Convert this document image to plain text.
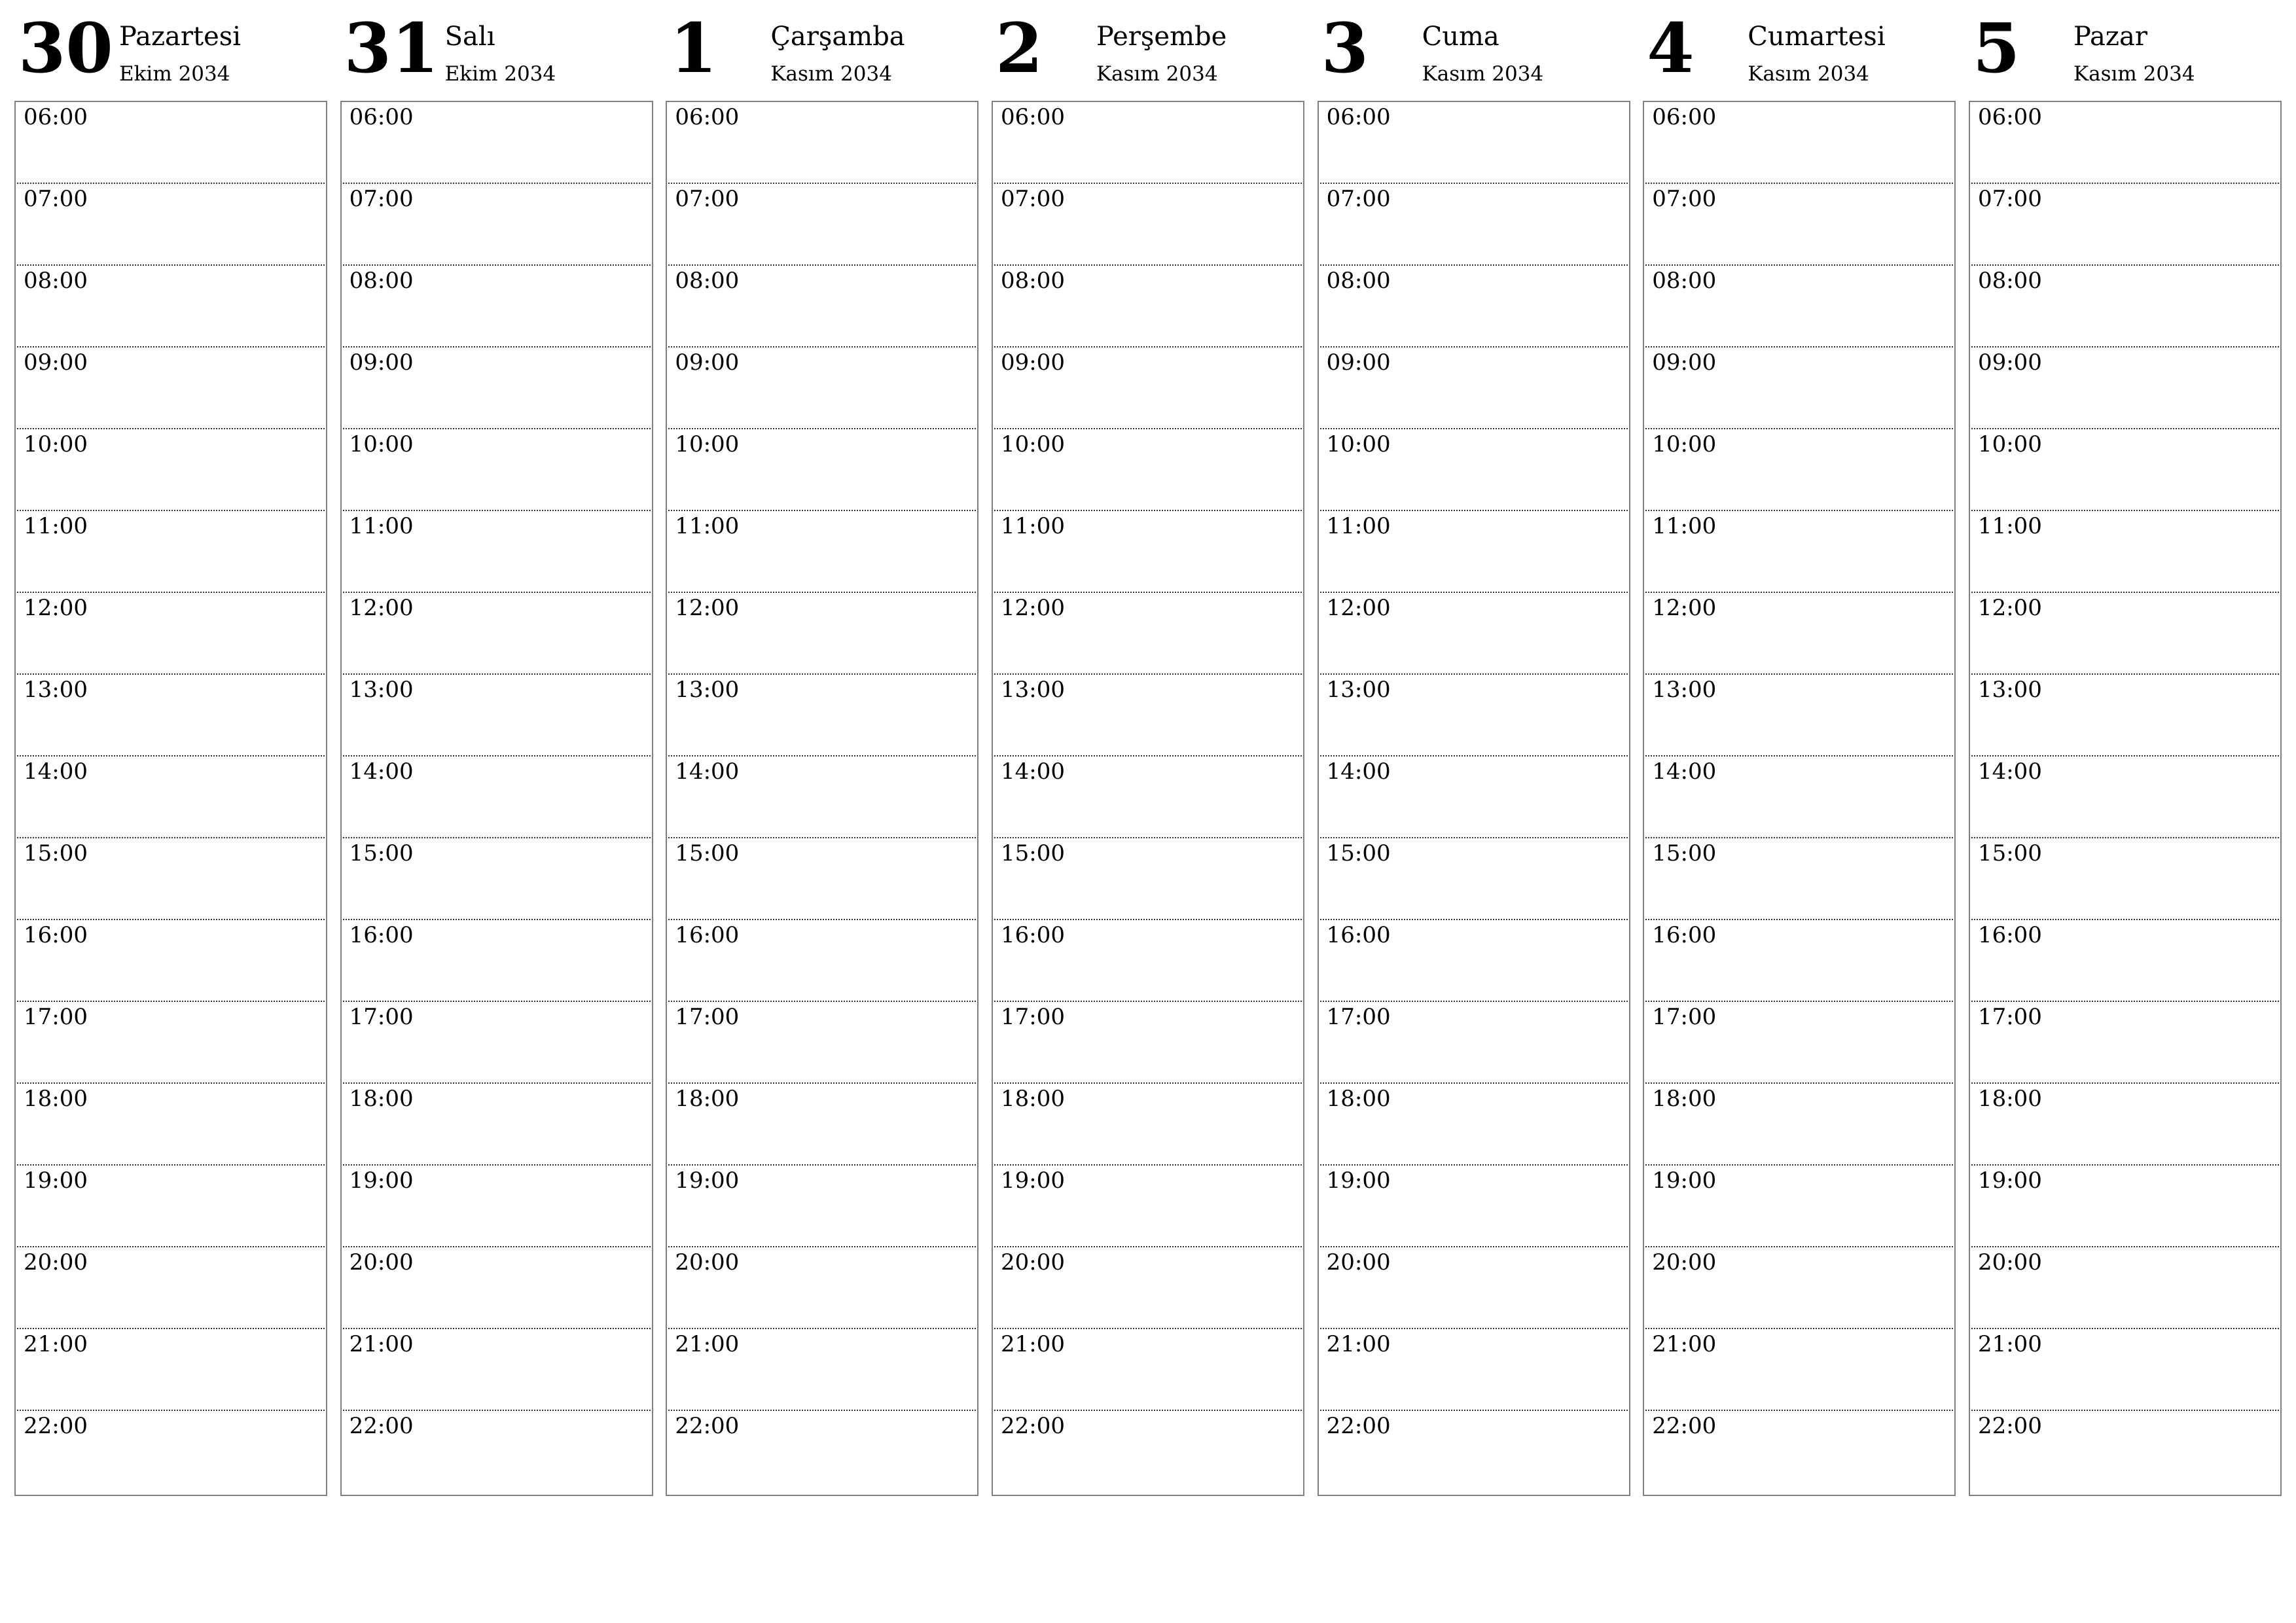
30 Pazartesi
Ekim 2034
06:00
07:00
08:00
09:00
10:00
11:00
12:00
13:00
14:00
15:00
16:00
17:00
18:00
19:00
20:00
21:00
22:00
31 Salı
Ekim 2034
06:00
07:00
08:00
09:00
10:00
11:00
12:00
13:00
14:00
15:00
16:00
17:00
18:00
19:00
20:00
21:00
22:00
1 Çarşamba
Kasım 2034
06:00
07:00
08:00
09:00
10:00
11:00
12:00
13:00
14:00
15:00
16:00
17:00
18:00
19:00
20:00
21:00
22:00
2 Perşembe
Kasım 2034
06:00
07:00
08:00
09:00
10:00
11:00
12:00
13:00
14:00
15:00
16:00
17:00
18:00
19:00
20:00
21:00
22:00
3 Cuma
Kasım 2034
06:00
07:00
08:00
09:00
10:00
11:00
12:00
13:00
14:00
15:00
16:00
17:00
18:00
19:00
20:00
21:00
22:00
4 Cumartesi
Kasım 2034
06:00
07:00
08:00
09:00
10:00
11:00
12:00
13:00
14:00
15:00
16:00
17:00
18:00
19:00
20:00
21:00
22:00
5 Pazar
Kasım 2034
06:00
07:00
08:00
09:00
10:00
11:00
12:00
13:00
14:00
15:00
16:00
17:00
18:00
19:00
20:00
21:00
22:00
